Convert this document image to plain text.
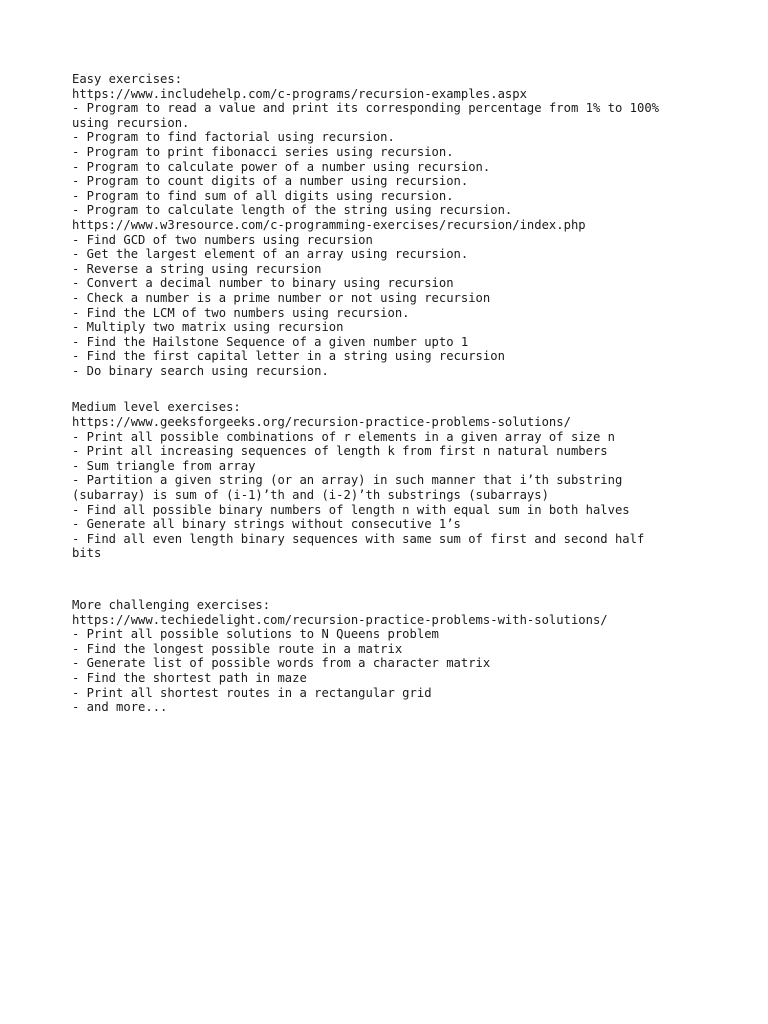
Easy exercises:
https://www.includehelp.com/c-programs/recursion-examples.aspx
- Program to read a value and print its corresponding percentage from 1% to 100%
using recursion.
- Program to find factorial using recursion.
- Program to print fibonacci series using recursion.
- Program to calculate power of a number using recursion.
- Program to count digits of a number using recursion.
- Program to find sum of all digits using recursion.
- Program to calculate length of the string using recursion.
https://www.w3resource.com/c-programming-exercises/recursion/index.php
- Find GCD of two numbers using recursion
- Get the largest element of an array using recursion.
- Reverse a string using recursion
- Convert a decimal number to binary using recursion
- Check a number is a prime number or not using recursion
- Find the LCM of two numbers using recursion.
- Multiply two matrix using recursion
- Find the Hailstone Sequence of a given number upto 1
- Find the first capital letter in a string using recursion
- Do binary search using recursion.
Medium level exercises:
https://www.geeksforgeeks.org/recursion-practice-problems-solutions/
- Print all possible combinations of r elements in a given array of size n
- Print all increasing sequences of length k from first n natural numbers
- Sum triangle from array
- Partition a given string (or an array) in such manner that i’th substring
(subarray) is sum of (i-1)’th and (i-2)’th substrings (subarrays)
- Find all possible binary numbers of length n with equal sum in both halves
- Generate all binary strings without consecutive 1’s
- Find all even length binary sequences with same sum of first and second half
bits
More challenging exercises:
https://www.techiedelight.com/recursion-practice-problems-with-solutions/
- Print all possible solutions to N Queens problem
- Find the longest possible route in a matrix
- Generate list of possible words from a character matrix
- Find the shortest path in maze
- Print all shortest routes in a rectangular grid
- and more...
